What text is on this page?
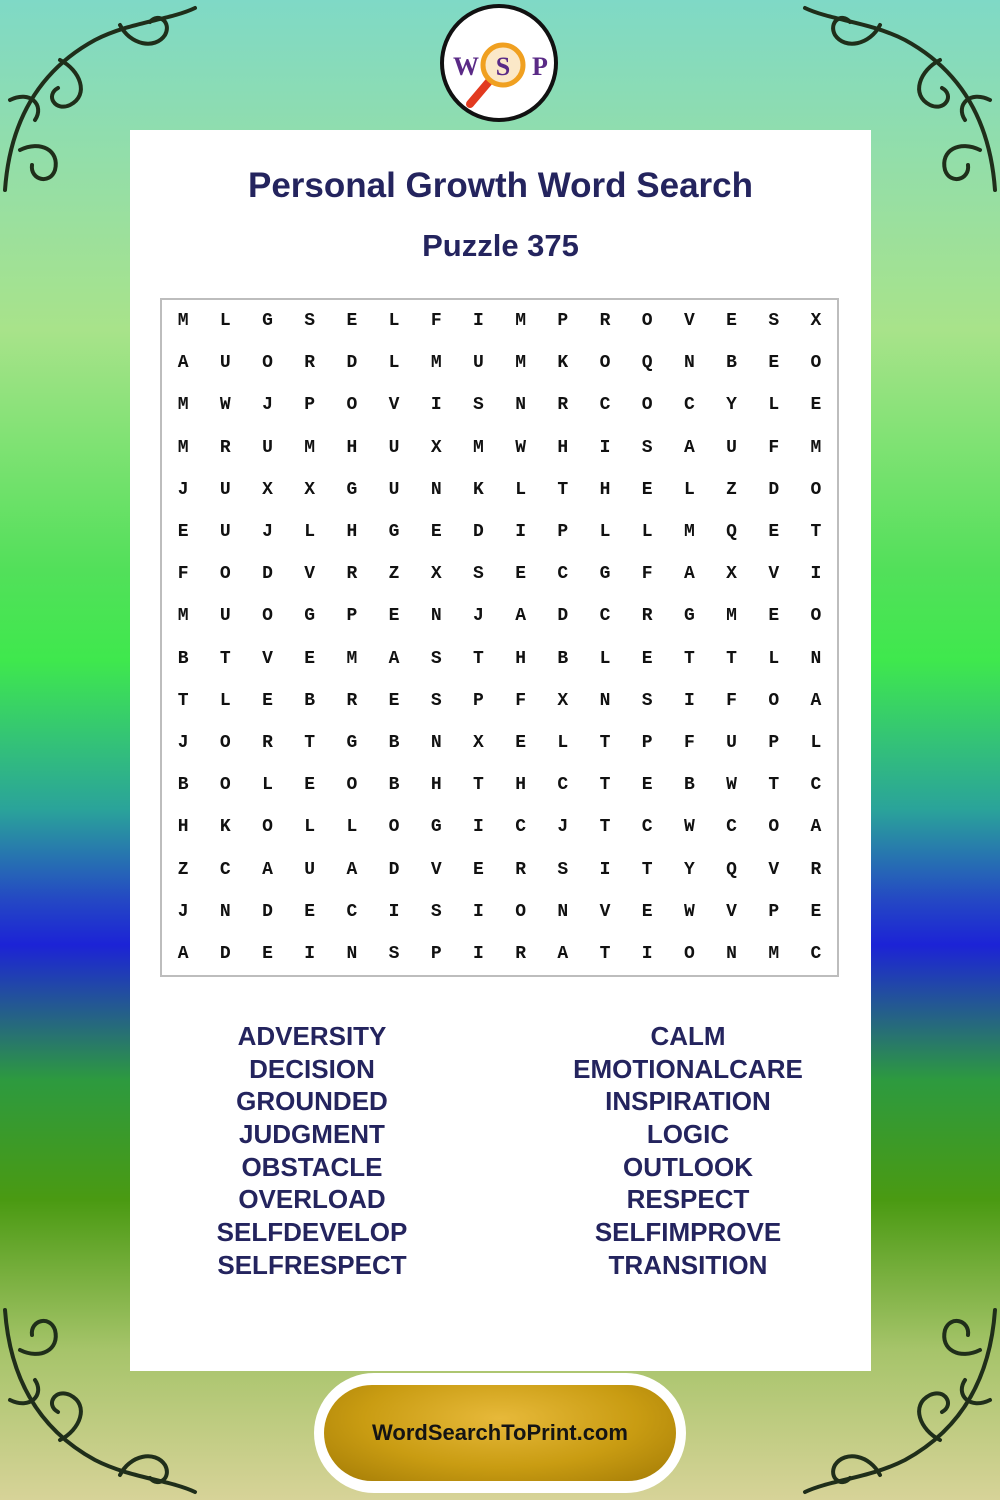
W S P
Personal Growth Word Search
Puzzle 375
M	L	G	S	E	L	F	I	M	P	R	O	V	E	S	X
A	U	O	R	D	L	M	U	M	K	O	Q	N	B	E	O
M	W	J	P	O	V	I	S	N	R	C	O	C	Y	L	E
M	R	U	M	H	U	X	M	W	H	I	S	A	U	F	M
J	U	X	X	G	U	N	K	L	T	H	E	L	Z	D	O
E	U	J	L	H	G	E	D	I	P	L	L	M	Q	E	T
F	O	D	V	R	Z	X	S	E	C	G	F	A	X	V	I
M	U	O	G	P	E	N	J	A	D	C	R	G	M	E	O
B	T	V	E	M	A	S	T	H	B	L	E	T	T	L	N
T	L	E	B	R	E	S	P	F	X	N	S	I	F	O	A
J	O	R	T	G	B	N	X	E	L	T	P	F	U	P	L
B	O	L	E	O	B	H	T	H	C	T	E	B	W	T	C
H	K	O	L	L	O	G	I	C	J	T	C	W	C	O	A
Z	C	A	U	A	D	V	E	R	S	I	T	Y	Q	V	R
J	N	D	E	C	I	S	I	O	N	V	E	W	V	P	E
A	D	E	I	N	S	P	I	R	A	T	I	O	N	M	C
ADVERSITY
DECISION
GROUNDED
JUDGMENT
OBSTACLE
OVERLOAD
SELFDEVELOP
SELFRESPECT
CALM
EMOTIONALCARE
INSPIRATION
LOGIC
OUTLOOK
RESPECT
SELFIMPROVE
TRANSITION
WordSearchToPrint.com
